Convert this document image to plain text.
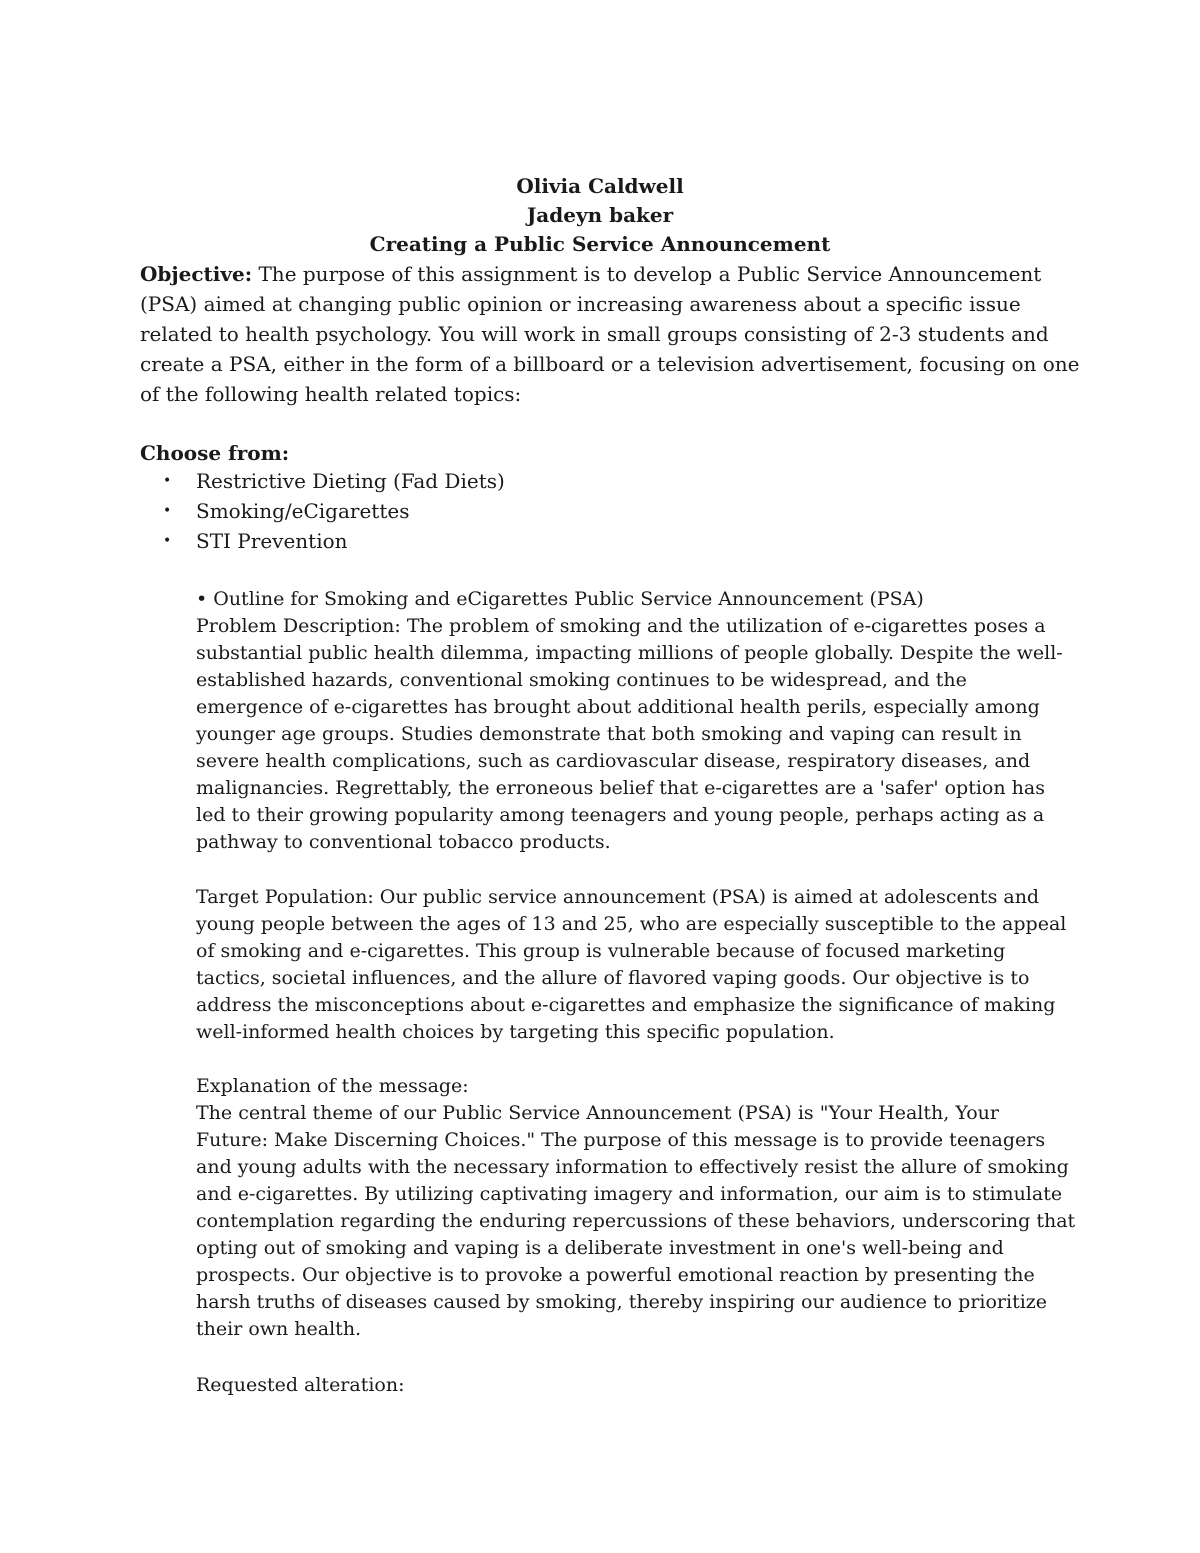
Olivia Caldwell
Jadeyn baker
Creating a Public Service Announcement
Objective: The purpose of this assignment is to develop a Public Service Announcement (PSA) aimed at changing public opinion or increasing awareness about a specific issue related to health psychology. You will work in small groups consisting of 2-3 students and create a PSA, either in the form of a billboard or a television advertisement, focusing on one of the following health related topics:
Choose from:
• Restrictive Dieting (Fad Diets)
• Smoking/eCigarettes
• STI Prevention

• Outline for Smoking and eCigarettes Public Service Announcement (PSA)

Problem Description: The problem of smoking and the utilization of e-cigarettes poses a substantial public health dilemma, impacting millions of people globally. Despite the well-established hazards, conventional smoking continues to be widespread, and the emergence of e-cigarettes has brought about additional health perils, especially among younger age groups. Studies demonstrate that both smoking and vaping can result in severe health complications, such as cardiovascular disease, respiratory diseases, and malignancies. Regrettably, the erroneous belief that e-cigarettes are a 'safer' option has led to their growing popularity among teenagers and young people, perhaps acting as a pathway to conventional tobacco products.

Target Population: Our public service announcement (PSA) is aimed at adolescents and young people between the ages of 13 and 25, who are especially susceptible to the appeal of smoking and e-cigarettes. This group is vulnerable because of focused marketing tactics, societal influences, and the allure of flavored vaping goods. Our objective is to address the misconceptions about e-cigarettes and emphasize the significance of making well-informed health choices by targeting this specific population.

Explanation of the message:

The central theme of our Public Service Announcement (PSA) is "Your Health, Your Future: Make Discerning Choices." The purpose of this message is to provide teenagers and young adults with the necessary information to effectively resist the allure of smoking and e-cigarettes. By utilizing captivating imagery and information, our aim is to stimulate contemplation regarding the enduring repercussions of these behaviors, underscoring that opting out of smoking and vaping is a deliberate investment in one's well-being and prospects. Our objective is to provoke a powerful emotional reaction by presenting the harsh truths of diseases caused by smoking, thereby inspiring our audience to prioritize their own health.

Requested alteration:
